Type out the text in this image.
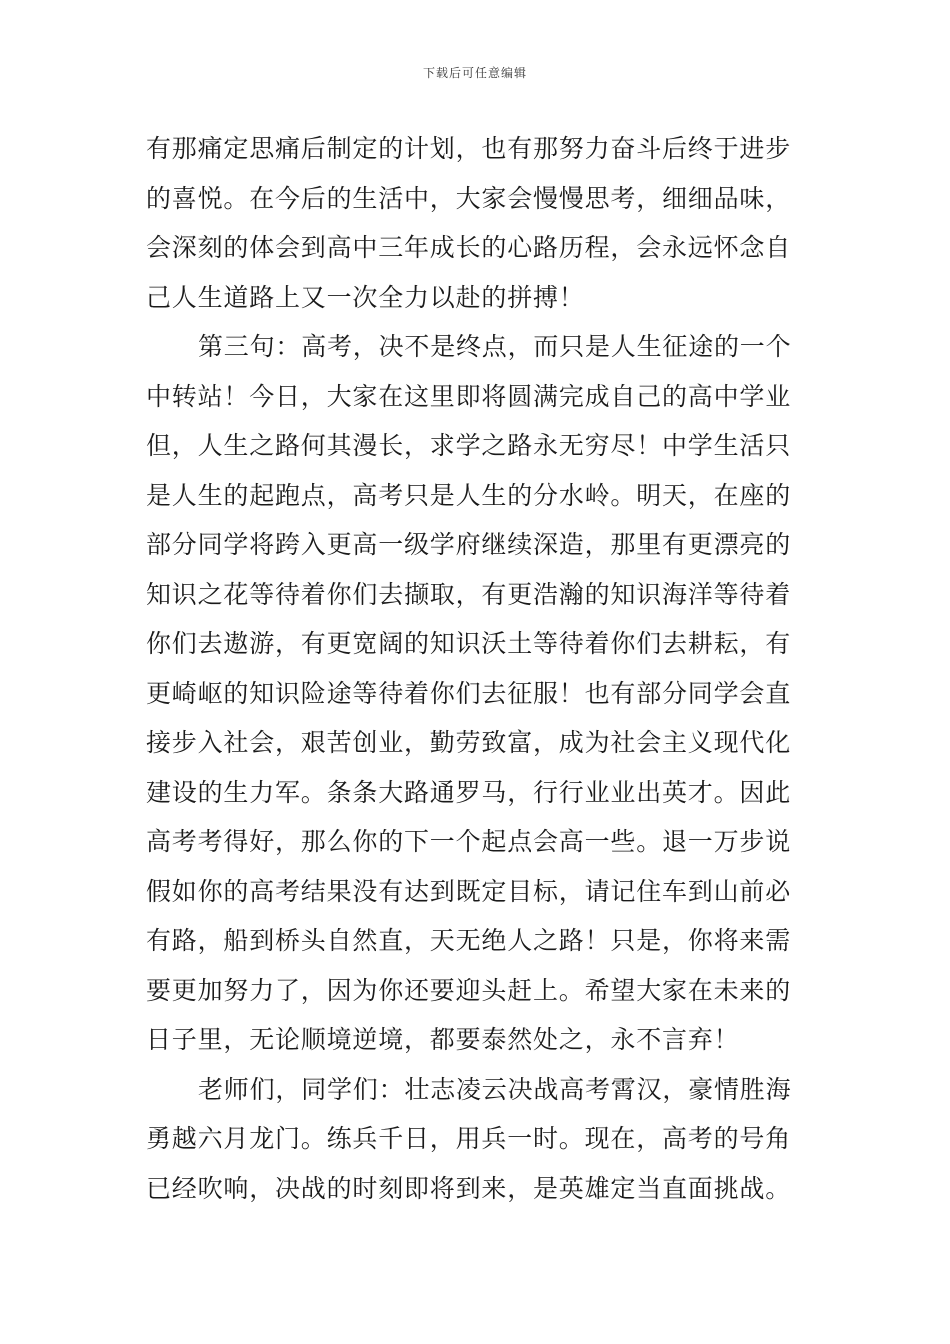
下载后可任意编辑
有那痛定思痛后制定的计划，也有那努力奋斗后终于进步
的喜悦。在今后的生活中，大家会慢慢思考，细细品味，
会深刻的体会到高中三年成长的心路历程，会永远怀念自
己人生道路上又一次全力以赴的拼搏！
第三句：高考，决不是终点，而只是人生征途的一个
中转站！今日，大家在这里即将圆满完成自己的高中学业
但，人生之路何其漫长，求学之路永无穷尽！中学生活只
是人生的起跑点，高考只是人生的分水岭。明天，在座的
部分同学将跨入更高一级学府继续深造，那里有更漂亮的
知识之花等待着你们去撷取，有更浩瀚的知识海洋等待着
你们去遨游，有更宽阔的知识沃土等待着你们去耕耘，有
更崎岖的知识险途等待着你们去征服！也有部分同学会直
接步入社会，艰苦创业，勤劳致富，成为社会主义现代化
建设的生力军。条条大路通罗马，行行业业出英才。因此
高考考得好，那么你的下一个起点会高一些。退一万步说
假如你的高考结果没有达到既定目标，请记住车到山前必
有路，船到桥头自然直，天无绝人之路！只是，你将来需
要更加努力了，因为你还要迎头赶上。希望大家在未来的
日子里，无论顺境逆境，都要泰然处之，永不言弃！
老师们，同学们：壮志凌云决战高考霄汉，豪情胜海
勇越六月龙门。练兵千日，用兵一时。现在，高考的号角
已经吹响，决战的时刻即将到来，是英雄定当直面挑战。
